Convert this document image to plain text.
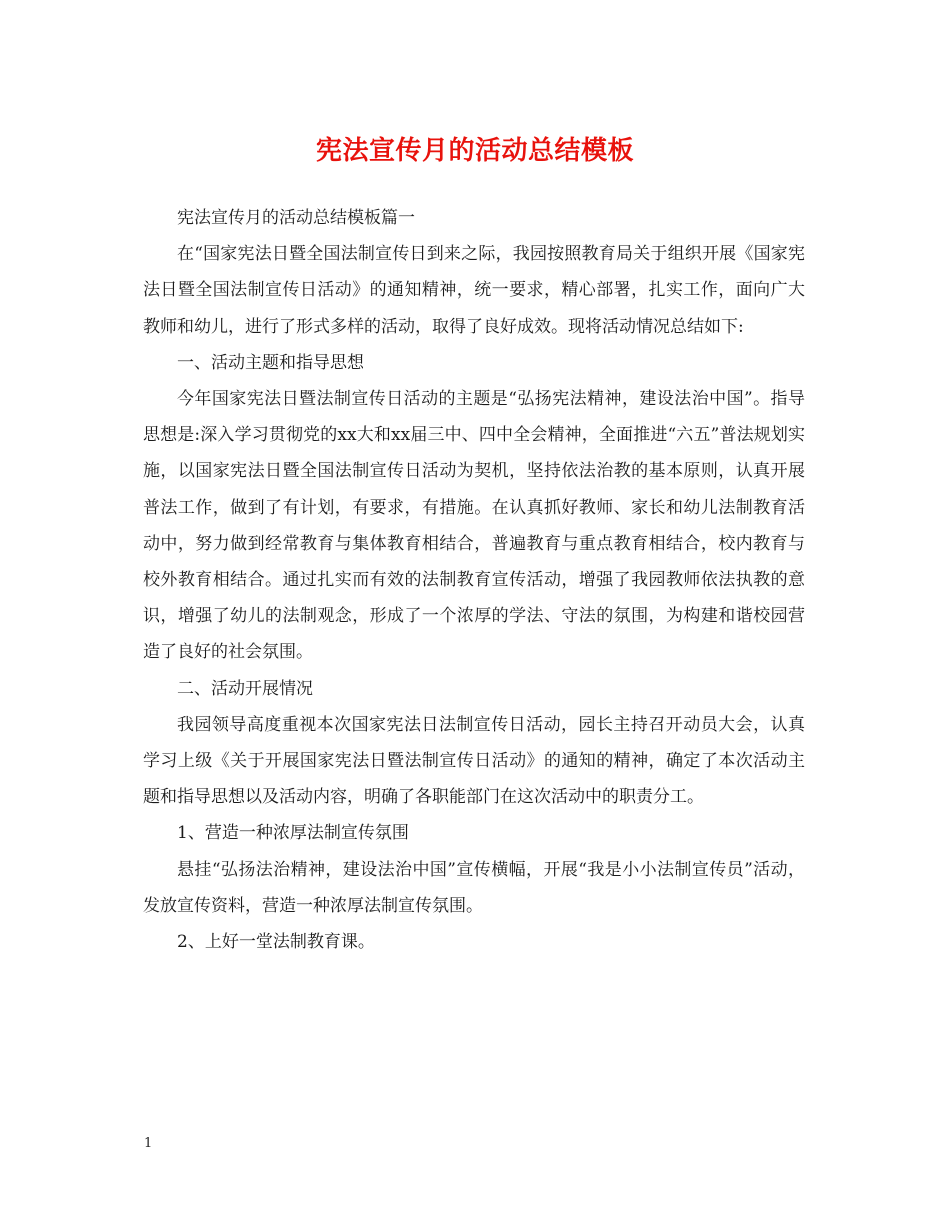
宪法宣传月的活动总结模板

宪法宣传月的活动总结模板篇一

在“国家宪法日暨全国法制宣传日到来之际，我园按照教育局关于组织开展《国家宪法日暨全国法制宣传日活动》的通知精神，统一要求，精心部署，扎实工作，面向广大教师和幼儿，进行了形式多样的活动，取得了良好成效。现将活动情况总结如下:

一、活动主题和指导思想

今年国家宪法日暨法制宣传日活动的主题是“弘扬宪法精神，建设法治中国”。指导思想是:深入学习贯彻党的xx大和xx届三中、四中全会精神，全面推进“六五”普法规划实施，以国家宪法日暨全国法制宣传日活动为契机，坚持依法治教的基本原则，认真开展普法工作，做到了有计划，有要求，有措施。在认真抓好教师、家长和幼儿法制教育活动中，努力做到经常教育与集体教育相结合，普遍教育与重点教育相结合，校内教育与校外教育相结合。通过扎实而有效的法制教育宣传活动，增强了我园教师依法执教的意识，增强了幼儿的法制观念，形成了一个浓厚的学法、守法的氛围，为构建和谐校园营造了良好的社会氛围。

二、活动开展情况

我园领导高度重视本次国家宪法日法制宣传日活动，园长主持召开动员大会，认真学习上级《关于开展国家宪法日暨法制宣传日活动》的通知的精神，确定了本次活动主题和指导思想以及活动内容，明确了各职能部门在这次活动中的职责分工。

1、营造一种浓厚法制宣传氛围

悬挂“弘扬法治精神，建设法治中国”宣传横幅，开展“我是小小法制宣传员”活动，发放宣传资料，营造一种浓厚法制宣传氛围。

2、上好一堂法制教育课。

1
